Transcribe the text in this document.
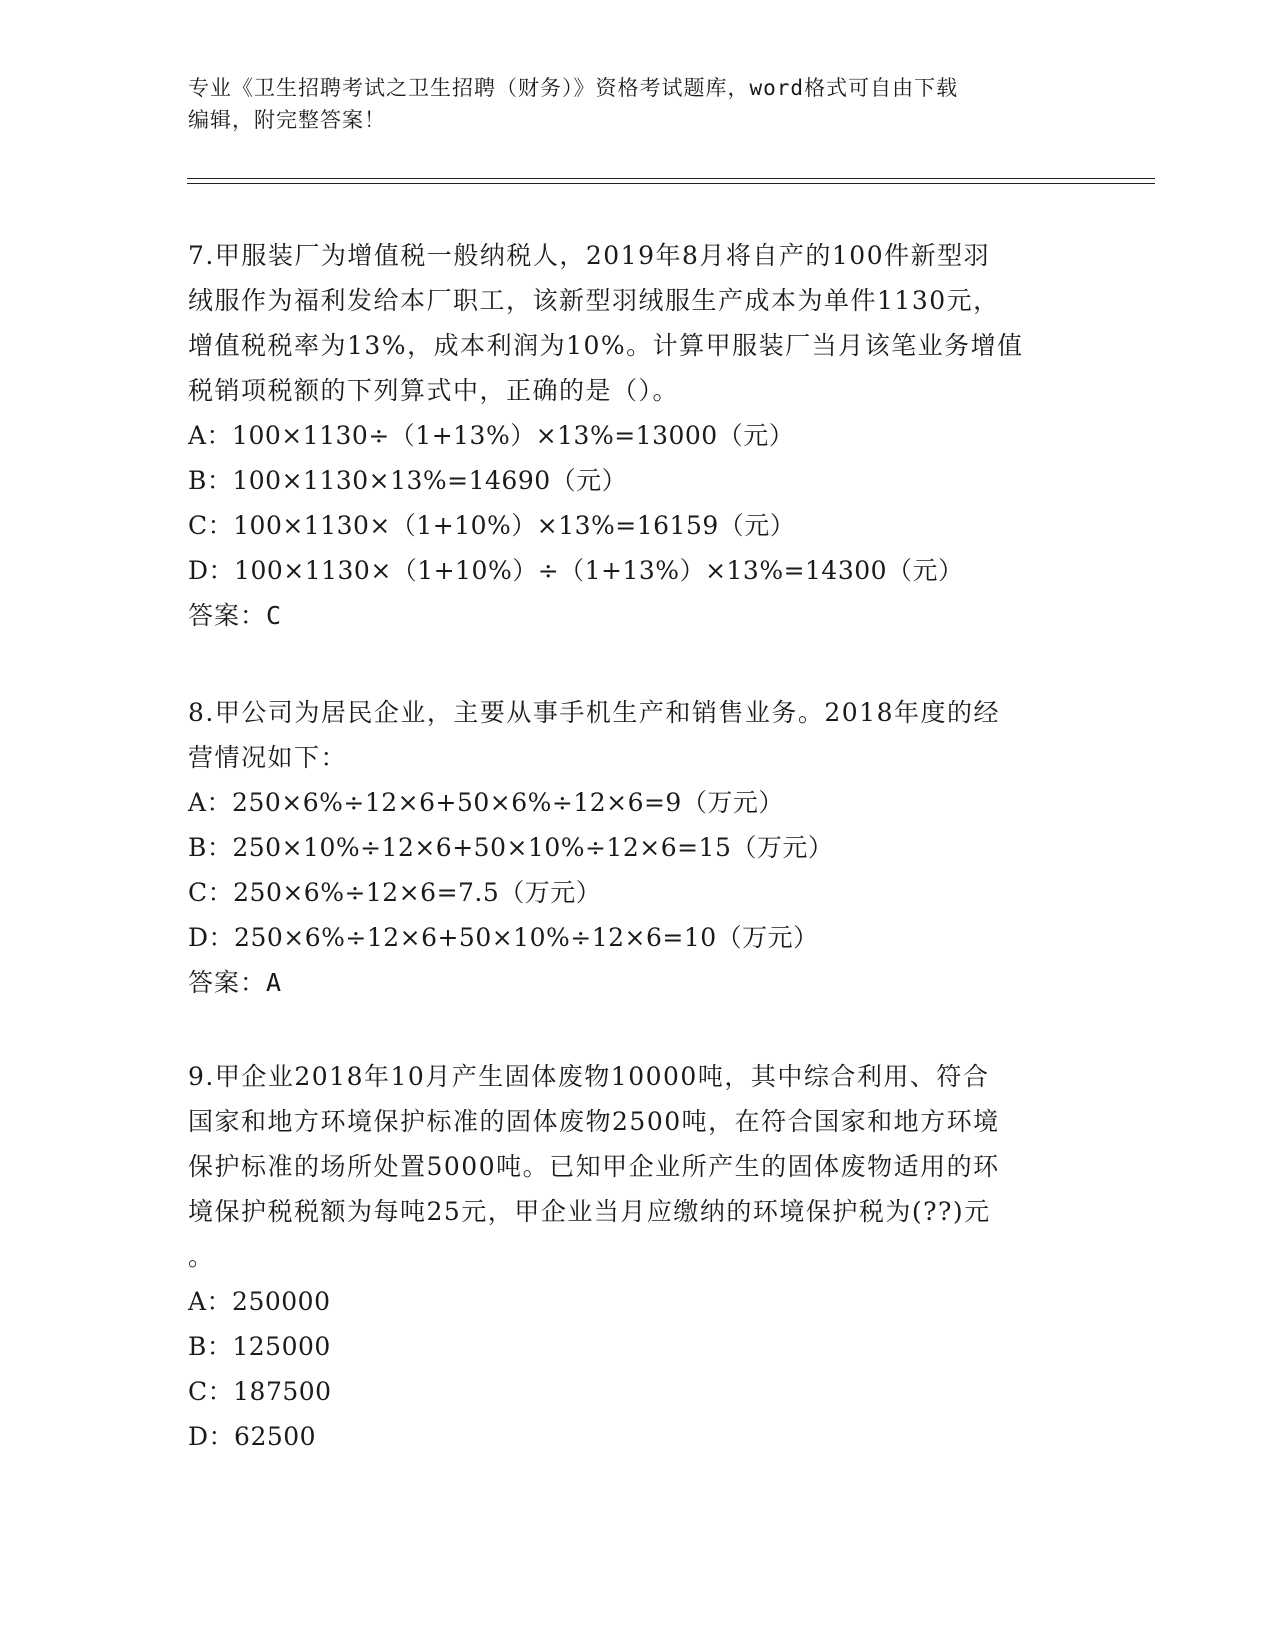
专业《卫生招聘考试之卫生招聘（财务）》资格考试题库，word格式可自由下载
编辑，附完整答案！

7.甲服装厂为增值税一般纳税人，2019年8月将自产的100件新型羽

绒服作为福利发给本厂职工，该新型羽绒服生产成本为单件1130元，

增值税税率为13%，成本利润为10%。计算甲服装厂当月该笔业务增值

税销项税额的下列算式中，正确的是（）。

A：100×1130÷（1+13%）×13%=13000（元）

B：100×1130×13%=14690（元）

C：100×1130×（1+10%）×13%=16159（元）

D：100×1130×（1+10%）÷（1+13%）×13%=14300（元）

答案：C

8.甲公司为居民企业，主要从事手机生产和销售业务。2018年度的经

营情况如下：

A：250×6%÷12×6+50×6%÷12×6=9（万元）

B：250×10%÷12×6+50×10%÷12×6=15（万元）

C：250×6%÷12×6=7.5（万元）

D：250×6%÷12×6+50×10%÷12×6=10（万元）

答案：A

9.甲企业2018年10月产生固体废物10000吨，其中综合利用、符合

国家和地方环境保护标准的固体废物2500吨，在符合国家和地方环境

保护标准的场所处置5000吨。已知甲企业所产生的固体废物适用的环

境保护税税额为每吨25元，甲企业当月应缴纳的环境保护税为(??)元

。

A：250000

B：125000

C：187500

D：62500
